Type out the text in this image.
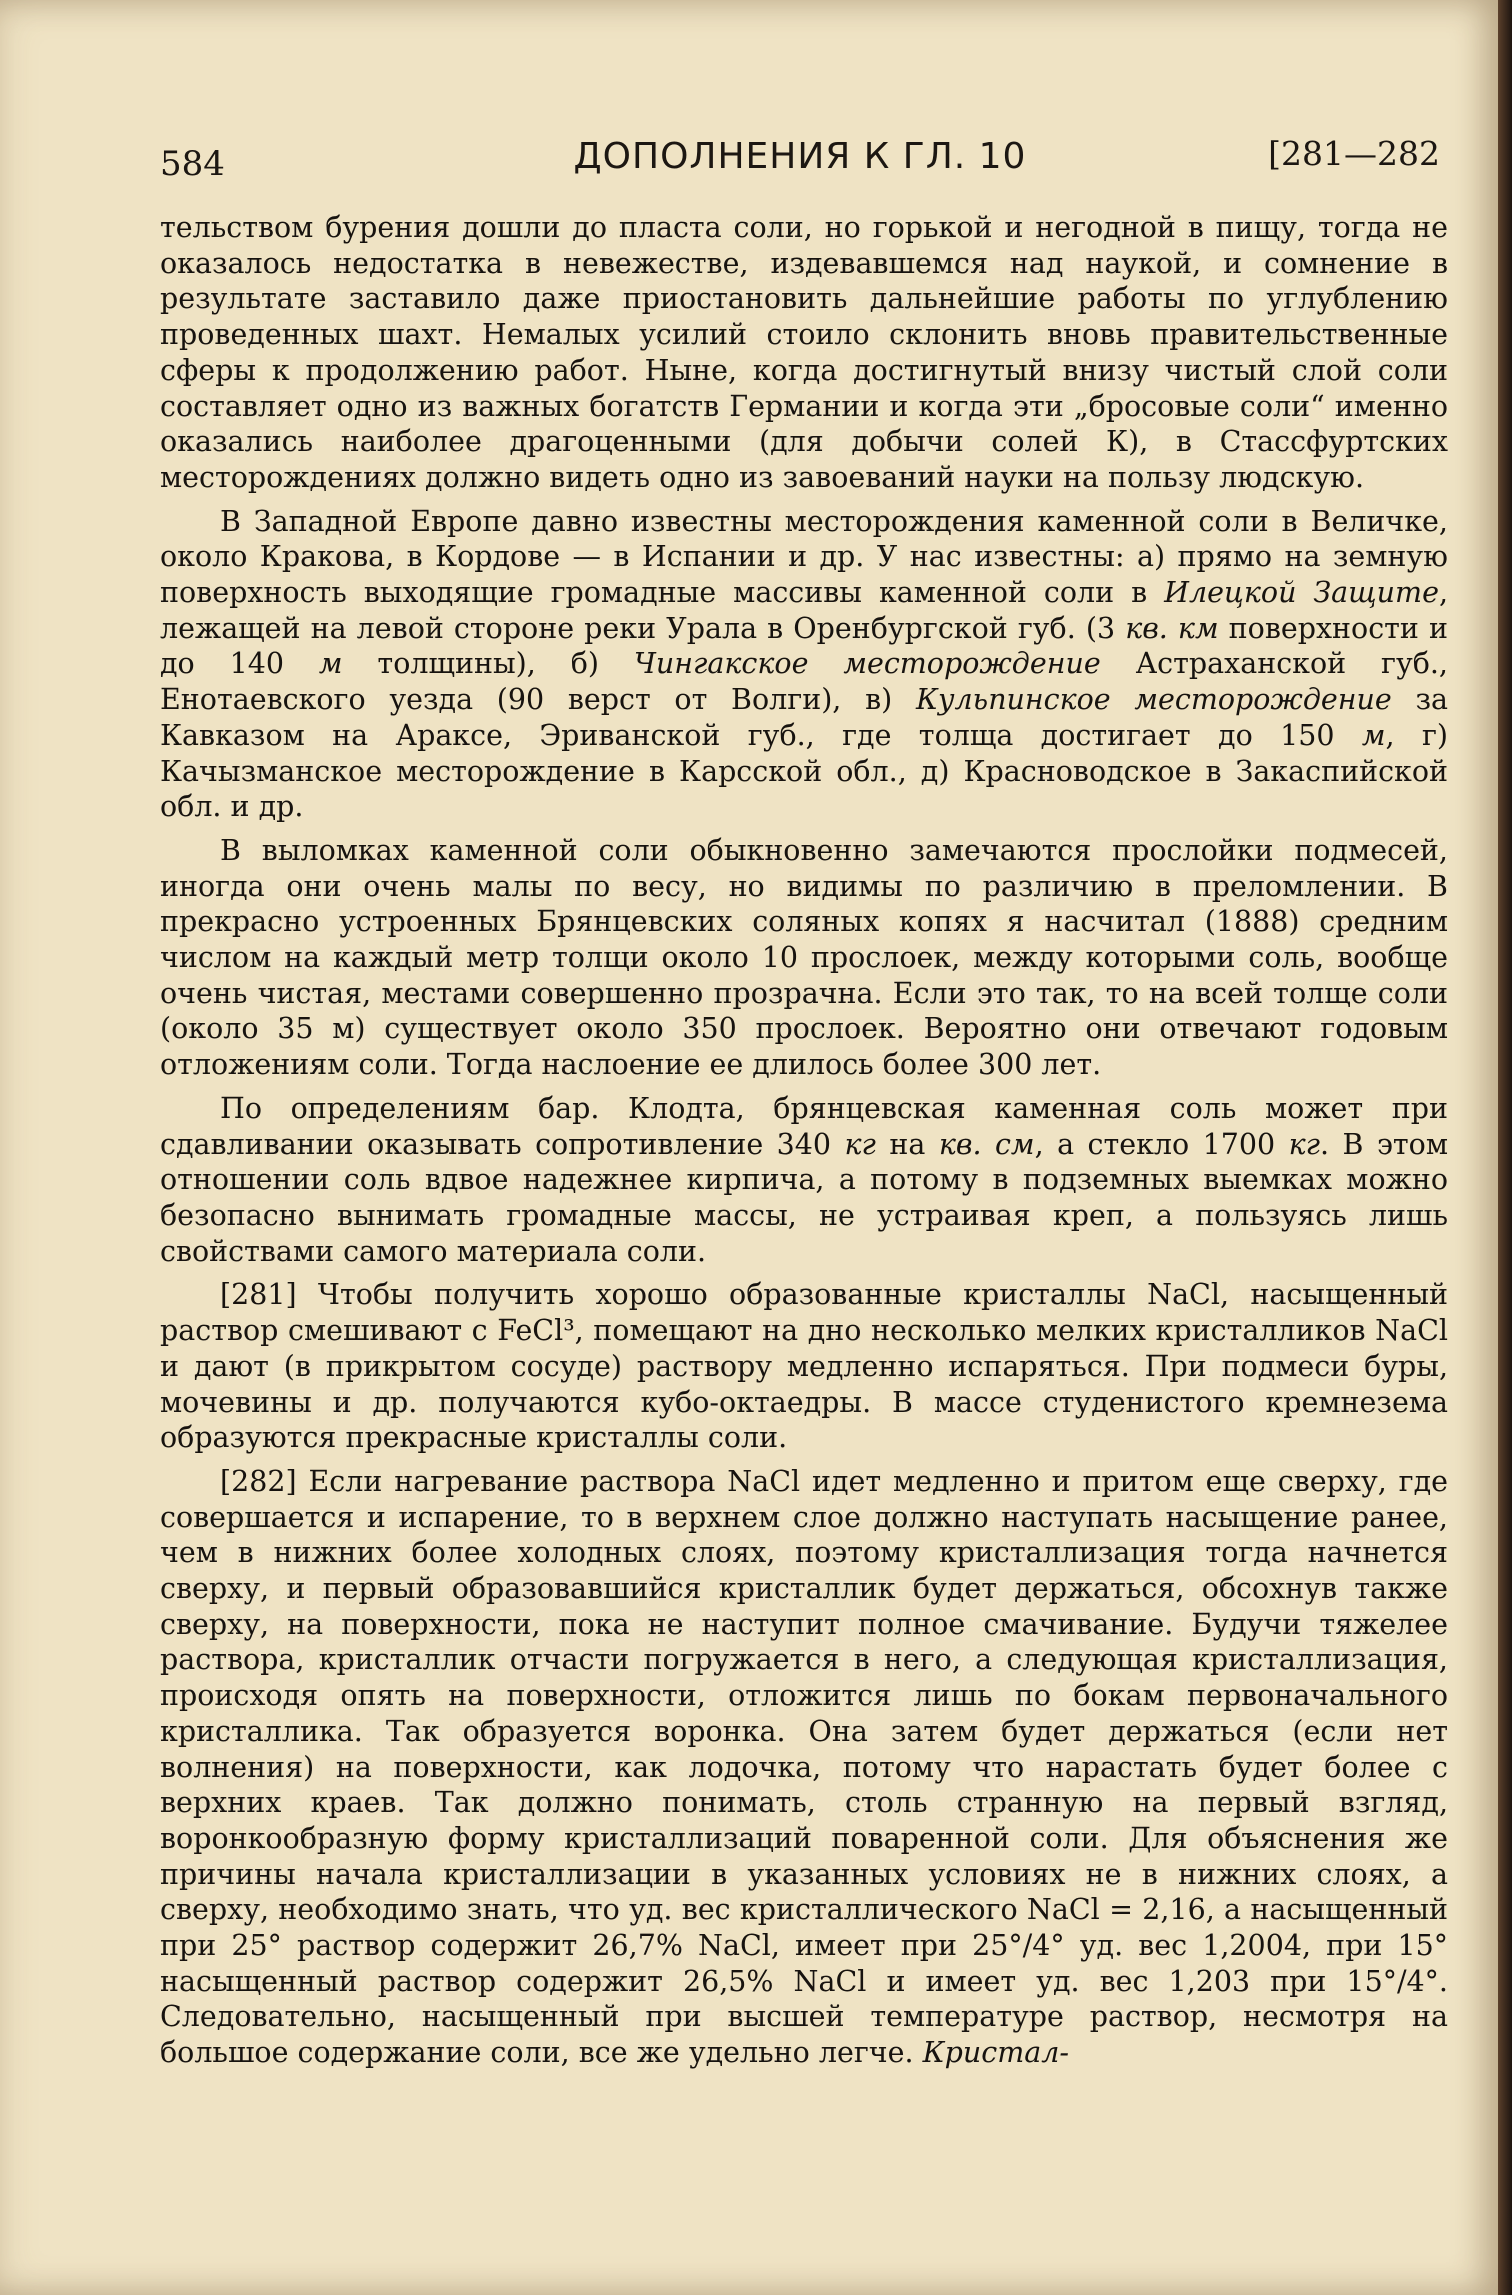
584	ДОПОЛНЕНИЯ К ГЛ. 10	[281—282

тельством бурения дошли до пласта соли, но горькой и негодной в пищу, тогда не оказалось недостатка в невежестве, издевавшемся над наукой, и сомнение в результате заставило даже приостановить дальнейшие работы по углублению проведенных шахт. Немалых усилий стоило склонить вновь правительственные сферы к продолжению работ. Ныне, когда достигнутый внизу чистый слой соли составляет одно из важных богатств Германии и когда эти „бросовые соли“ именно оказались наиболее драгоценными (для добычи солей К), в Стассфуртских месторождениях должно видеть одно из завоеваний науки на пользу людскую.

В Западной Европе давно известны месторождения каменной соли в Величке, около Кракова, в Кордове — в Испании и др. У нас известны: а) прямо на земную поверхность выходящие громадные массивы каменной соли в Илецкой Защите, лежащей на левой стороне реки Урала в Оренбургской губ. (3 кв. км поверхности и до 140 м толщины), б) Чингакское месторождение Астраханской губ., Енотаевского уезда (90 верст от Волги), в) Кульпинское месторождение за Кавказом на Араксе, Эриванской губ., где толща достигает до 150 м, г) Качызманское месторождение в Карсской обл., д) Красноводское в Закаспийской обл. и др.

В выломках каменной соли обыкновенно замечаются прослойки подмесей, иногда они очень малы по весу, но видимы по различию в преломлении. В прекрасно устроенных Брянцевских соляных копях я насчитал (1888) средним числом на каждый метр толщи около 10 прослоек, между которыми соль, вообще очень чистая, местами совершенно прозрачна. Если это так, то на всей толще соли (около 35 м) существует около 350 прослоек. Вероятно они отвечают годовым отложениям соли. Тогда наслоение ее длилось более 300 лет.

По определениям бар. Клодта, брянцевская каменная соль может при сдавливании оказывать сопротивление 340 кг на кв. см, а стекло 1700 кг. В этом отношении соль вдвое надежнее кирпича, а потому в подземных выемках можно безопасно вынимать громадные массы, не устраивая креп, а пользуясь лишь свойствами самого материала соли.

[281] Чтобы получить хорошо образованные кристаллы NaCl, насыщенный раствор смешивают с FeCl³, помещают на дно несколько мелких кристалликов NaCl и дают (в прикрытом сосуде) раствору медленно испаряться. При подмеси буры, мочевины и др. получаются кубо-октаедры. В массе студенистого кремнезема образуются прекрасные кристаллы соли.

[282] Если нагревание раствора NaCl идет медленно и притом еще сверху, где совершается и испарение, то в верхнем слое должно наступать насыщение ранее, чем в нижних более холодных слоях, поэтому кристаллизация тогда начнется сверху, и первый образовавшийся кристаллик будет держаться, обсохнув также сверху, на поверхности, пока не наступит полное смачивание. Будучи тяжелее раствора, кристаллик отчасти погружается в него, а следующая кристаллизация, происходя опять на поверхности, отложится лишь по бокам первоначального кристаллика. Так образуется воронка. Она затем будет держаться (если нет волнения) на поверхности, как лодочка, потому что нарастать будет более с верхних краев. Так должно понимать, столь странную на первый взгляд, воронкообразную форму кристаллизаций поваренной соли. Для объяснения же причины начала кристаллизации в указанных условиях не в нижних слоях, а сверху, необходимо знать, что уд. вес кристаллического NaCl = 2,16, а насыщенный при 25° раствор содержит 26,7% NaCl, имеет при 25°/4° уд. вес 1,2004, при 15° насыщенный раствор содержит 26,5% NaCl и имеет уд. вес 1,203 при 15°/4°. Следовательно, насыщенный при высшей температуре раствор, несмотря на большое содержание соли, все же удельно легче. Кристал-
